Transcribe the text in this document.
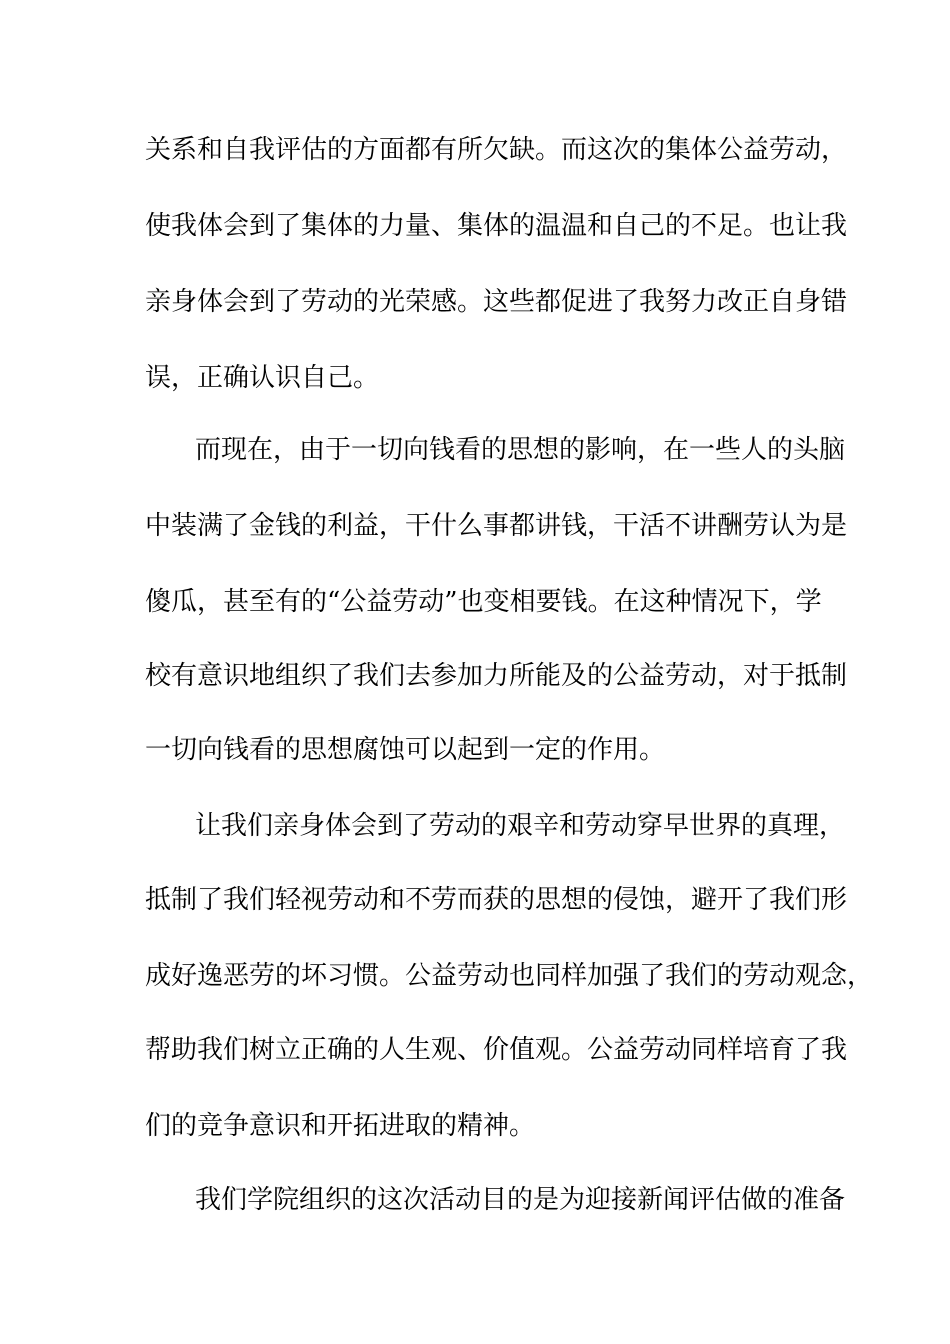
关系和自我评估的方面都有所欠缺。而这次的集体公益劳动，
使我体会到了集体的力量、集体的温温和自己的不足。也让我
亲身体会到了劳动的光荣感。这些都促进了我努力改正自身错
误，正确认识自己。
而现在，由于一切向钱看的思想的影响，在一些人的头脑
中装满了金钱的利益，干什么事都讲钱，干活不讲酬劳认为是
傻瓜，甚至有的“公益劳动”也变相要钱。在这种情况下，学
校有意识地组织了我们去参加力所能及的公益劳动，对于抵制
一切向钱看的思想腐蚀可以起到一定的作用。
让我们亲身体会到了劳动的艰辛和劳动穿早世界的真理，
抵制了我们轻视劳动和不劳而获的思想的侵蚀，避开了我们形
成好逸恶劳的坏习惯。公益劳动也同样加强了我们的劳动观念，
帮助我们树立正确的人生观、价值观。公益劳动同样培育了我
们的竞争意识和开拓进取的精神。
我们学院组织的这次活动目的是为迎接新闻评估做的准备
